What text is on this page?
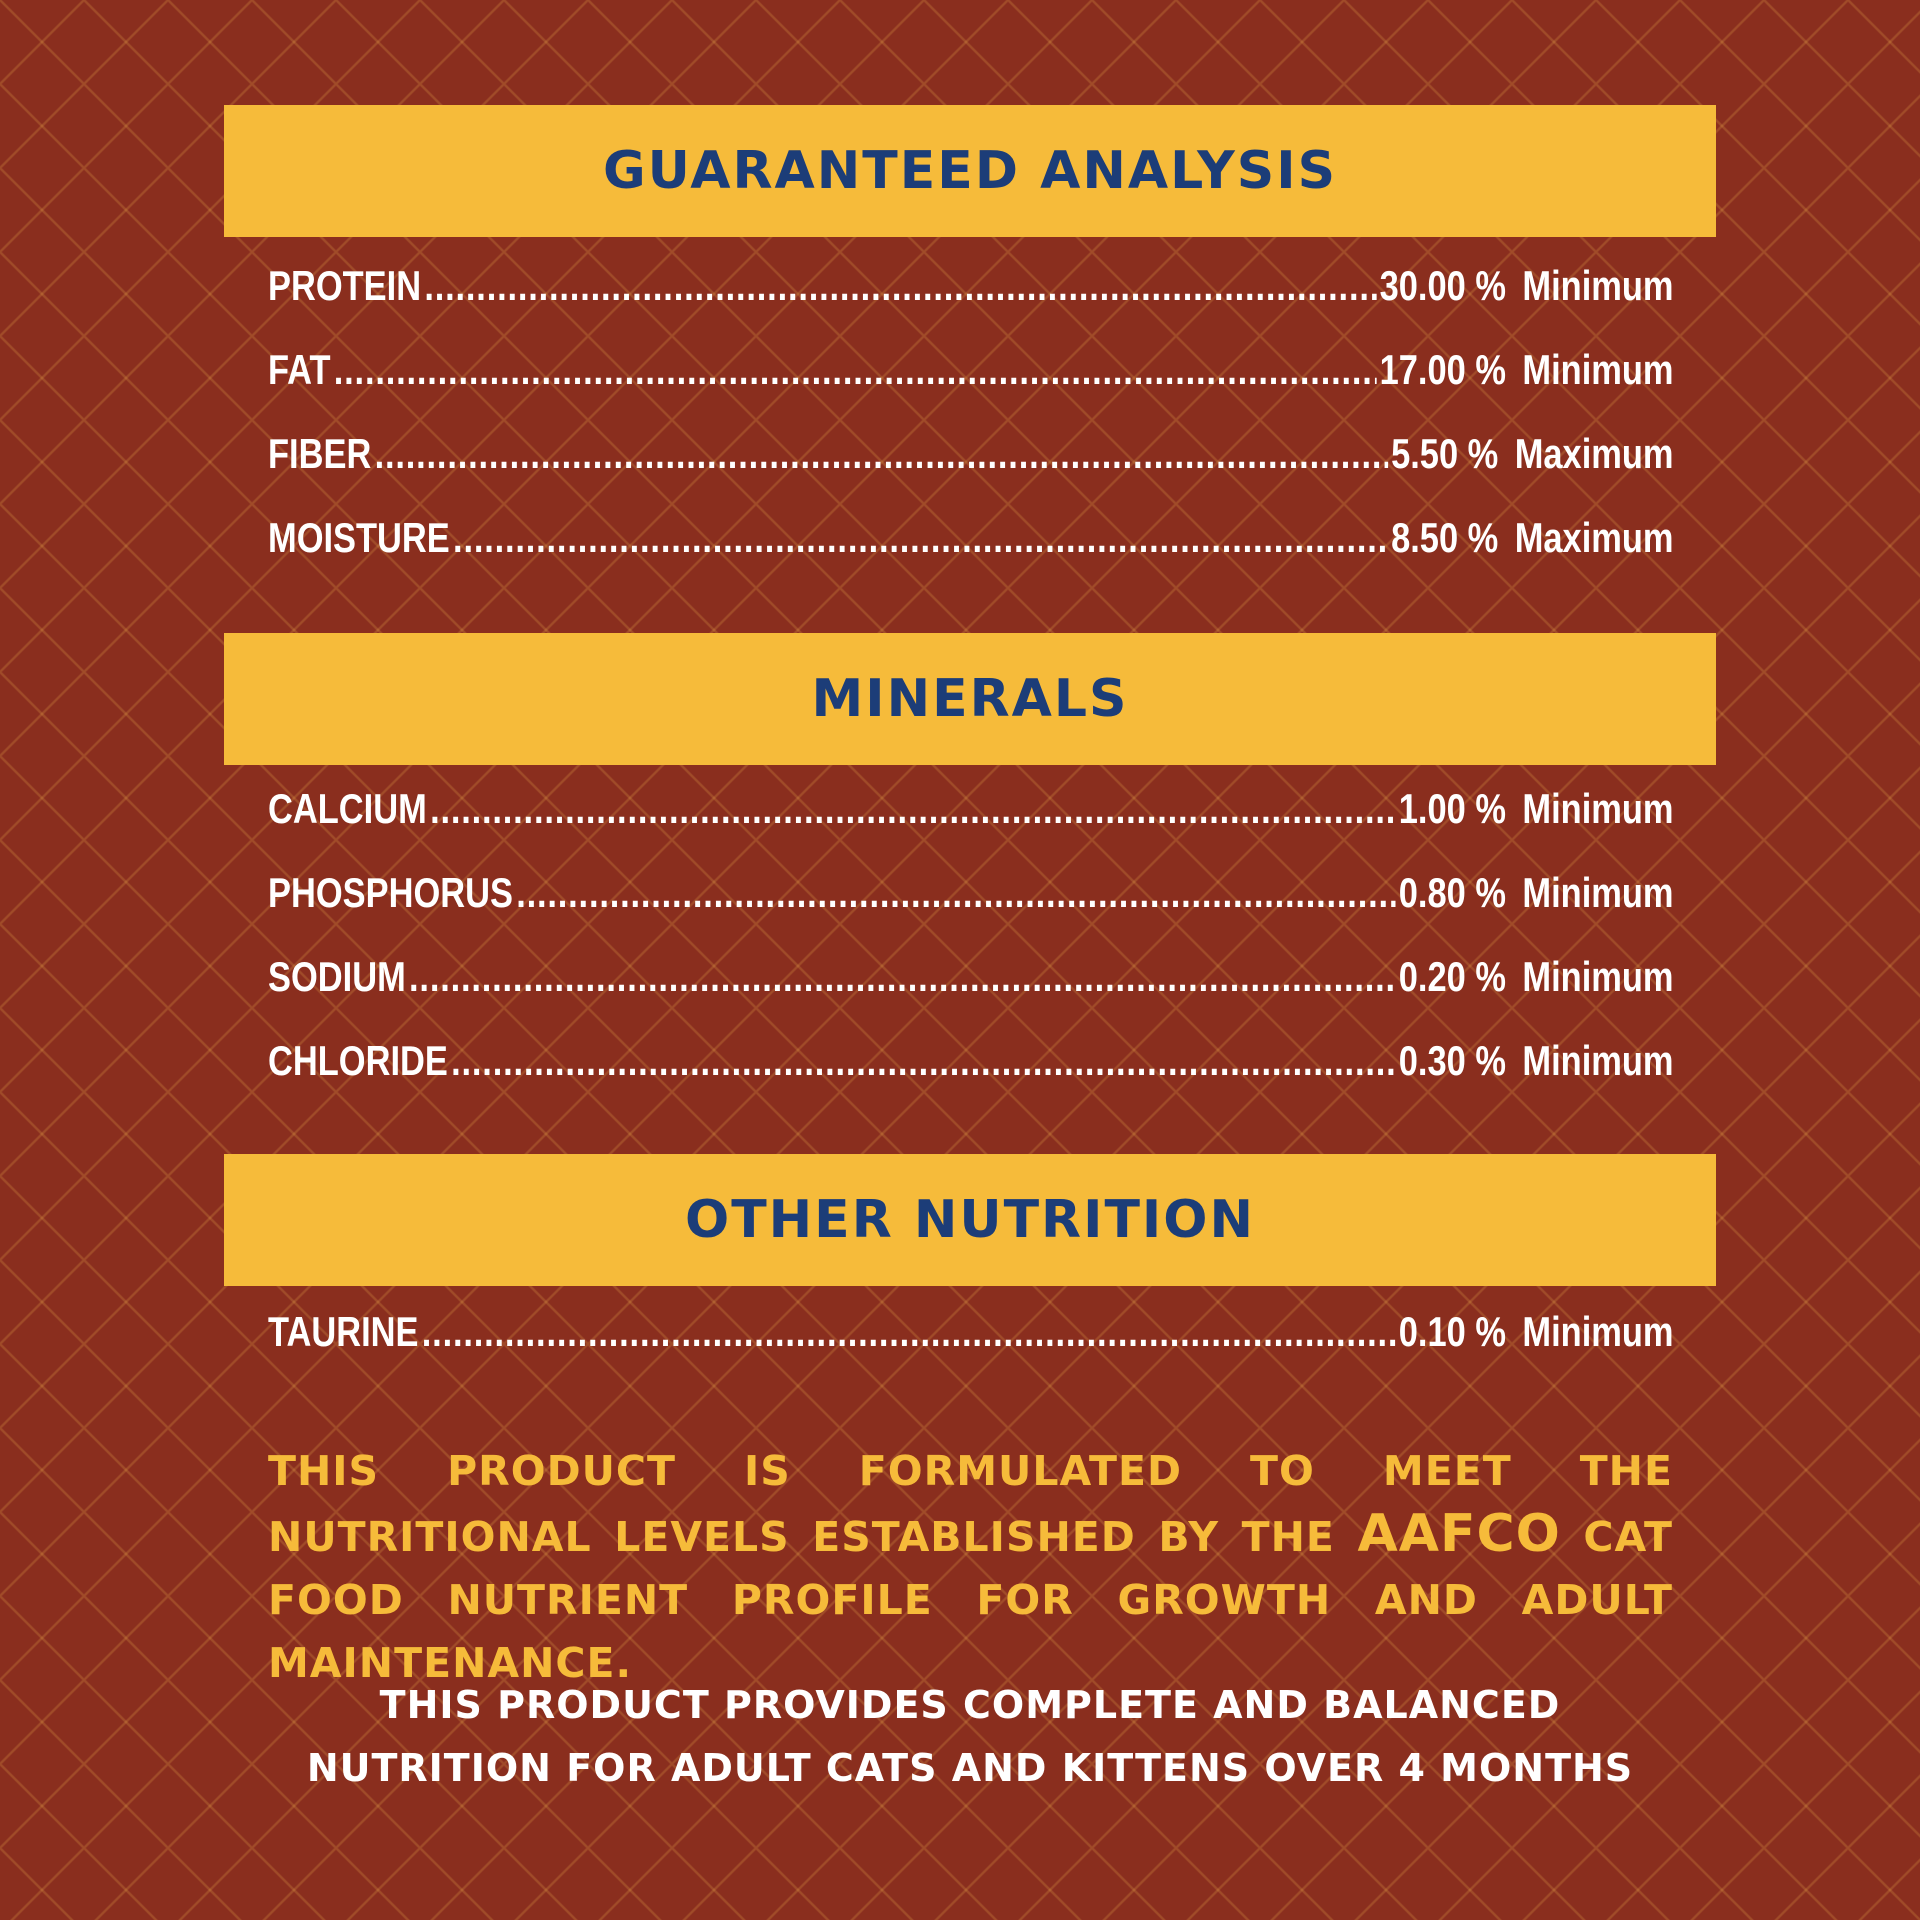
GUARANTEED ANALYSIS
PROTEIN .....	30.00 % Minimum
FAT .....	17.00 % Minimum
FIBER .....	5.50 % Maximum
MOISTURE .....	8.50 % Maximum
MINERALS
CALCIUM .....	1.00 % Minimum
PHOSPHORUS .....	0.80 % Minimum
SODIUM .....	0.20 % Minimum
CHLORIDE .....	0.30 % Minimum
OTHER NUTRITION
TAURINE .....	0.10 % Minimum
THIS PRODUCT IS FORMULATED TO MEET THE NUTRITIONAL LEVELS ESTABLISHED BY THE AAFCO CAT FOOD NUTRIENT PROFILE FOR GROWTH AND ADULT MAINTENANCE.
THIS PRODUCT PROVIDES COMPLETE AND BALANCED
NUTRITION FOR ADULT CATS AND KITTENS OVER 4 MONTHS
